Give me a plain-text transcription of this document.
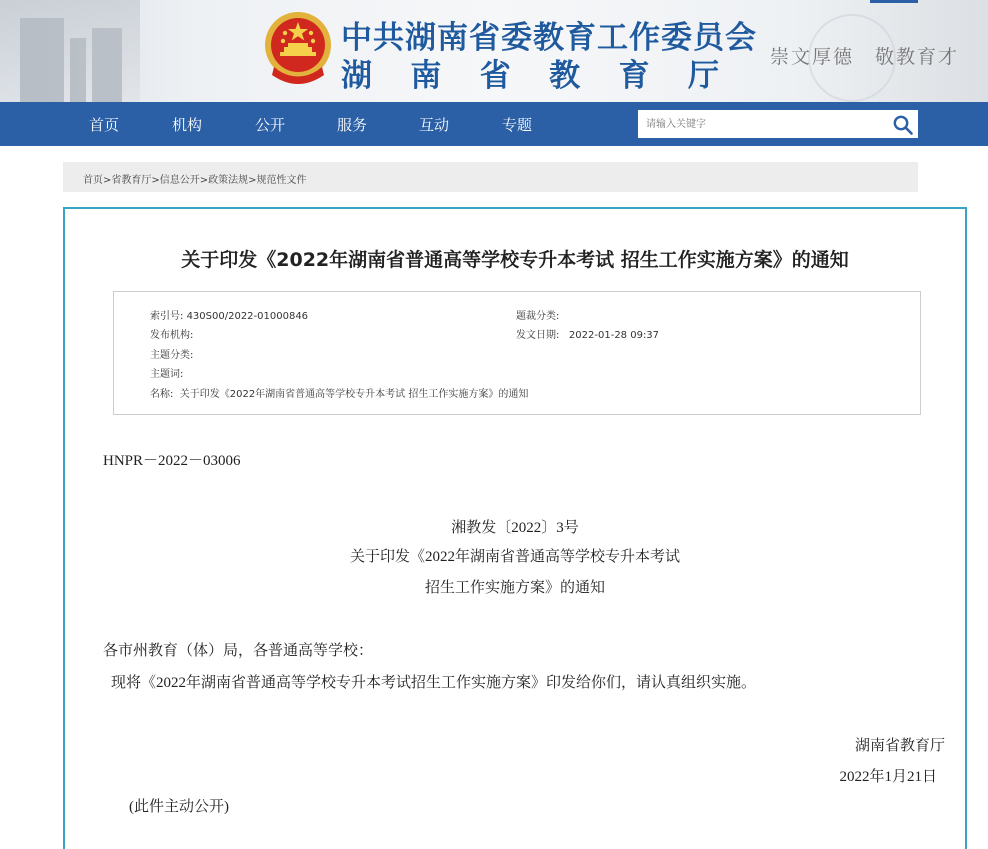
中共湖南省委教育工作委员会
湖 南 省 教 育 厅
崇文厚德　敬教育才
首页	机构	公开	服务	互动	专题
请输入关键字
首页>省教育厅>信息公开>政策法规>规范性文件
关于印发《2022年湖南省普通高等学校专升本考试 招生工作实施方案》的通知
索引号: 430S00/2022-01000846	题裁分类:
发布机构:	发文日期: 2022-01-28 09:37
主题分类:
主题词:
名称: 关于印发《2022年湖南省普通高等学校专升本考试 招生工作实施方案》的通知
HNPR－2022－03006
湘教发〔2022〕3号
关于印发《2022年湖南省普通高等学校专升本考试
招生工作实施方案》的通知
各市州教育（体）局，各普通高等学校：
现将《2022年湖南省普通高等学校专升本考试招生工作实施方案》印发给你们，请认真组织实施。
湖南省教育厅
2022年1月21日
(此件主动公开)
